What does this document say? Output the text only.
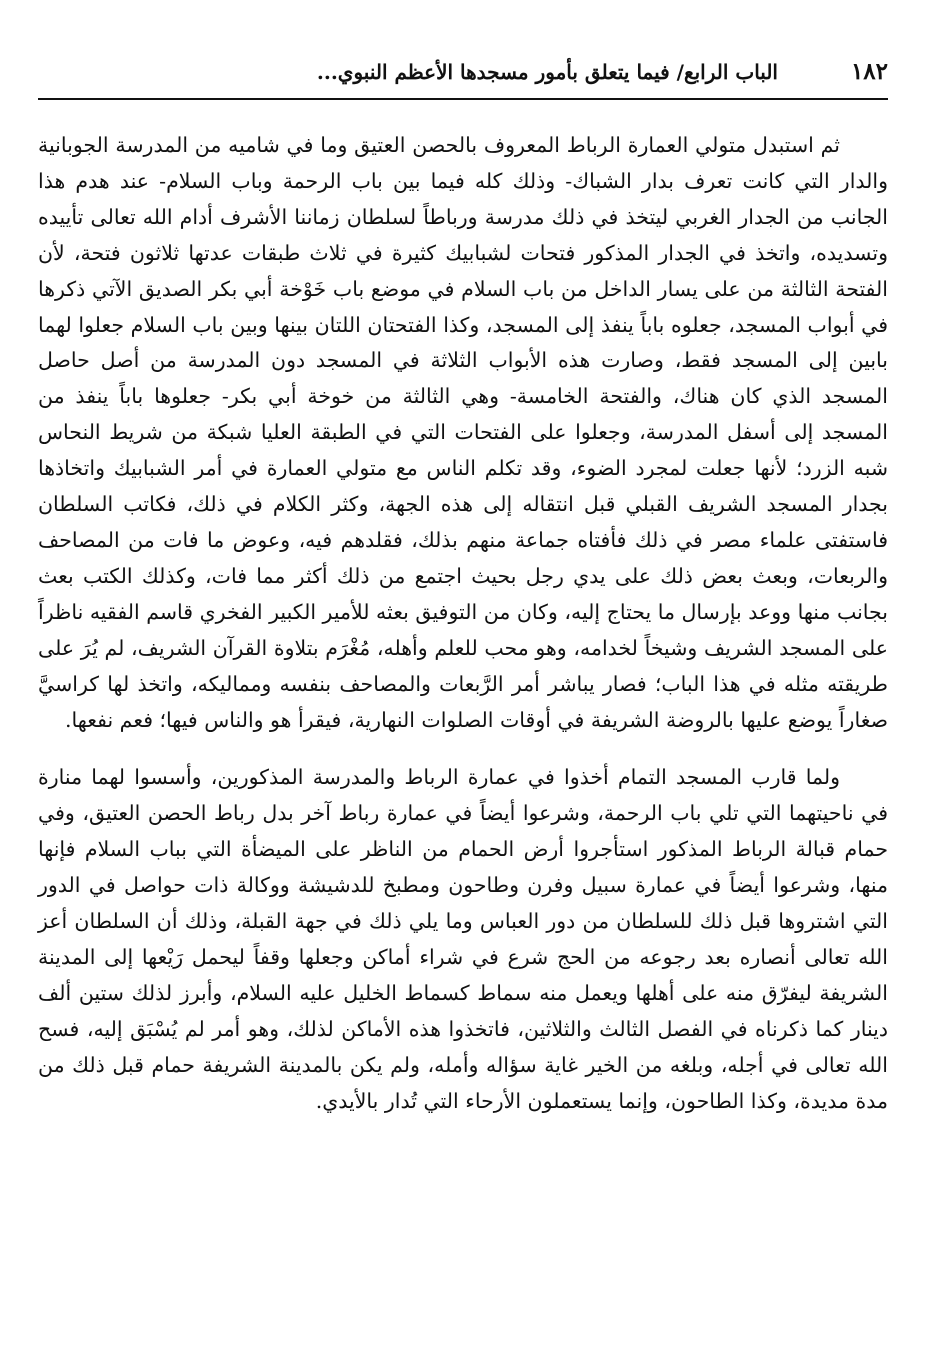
١٨٢
الباب الرابع/ فيما يتعلق بأمور مسجدها الأعظم النبوي...

ثم استبدل متولي العمارة الرباط المعروف بالحصن العتيق وما في شاميه من المدرسة الجوبانية والدار التي كانت تعرف بدار الشباك- وذلك كله فيما بين باب الرحمة وباب السلام- عند هدم هذا الجانب من الجدار الغربي ليتخذ في ذلك مدرسة ورباطاً لسلطان زماننا الأشرف أدام الله تعالى تأييده وتسديده، واتخذ في الجدار المذكور فتحات لشبابيك كثيرة في ثلاث طبقات عدتها ثلاثون فتحة، لأن الفتحة الثالثة من على يسار الداخل من باب السلام في موضع باب خَوْخة أبي بكر الصديق الآتي ذكرها في أبواب المسجد، جعلوه باباً ينفذ إلى المسجد، وكذا الفتحتان اللتان بينها وبين باب السلام جعلوا لهما بابين إلى المسجد فقط، وصارت هذه الأبواب الثلاثة في المسجد دون المدرسة من أصل حاصل المسجد الذي كان هناك، والفتحة الخامسة- وهي الثالثة من خوخة أبي بكر- جعلوها باباً ينفذ من المسجد إلى أسفل المدرسة، وجعلوا على الفتحات التي في الطبقة العليا شبكة من شريط النحاس شبه الزرد؛ لأنها جعلت لمجرد الضوء، وقد تكلم الناس مع متولي العمارة في أمر الشبابيك واتخاذها بجدار المسجد الشريف القبلي قبل انتقاله إلى هذه الجهة، وكثر الكلام في ذلك، فكاتب السلطان فاستفتى علماء مصر في ذلك فأفتاه جماعة منهم بذلك، فقلدهم فيه، وعوض ما فات من المصاحف والربعات، وبعث بعض ذلك على يدي رجل بحيث اجتمع من ذلك أكثر مما فات، وكذلك الكتب بعث بجانب منها ووعد بإرسال ما يحتاج إليه، وكان من التوفيق بعثه للأمير الكبير الفخري قاسم الفقيه ناظراً على المسجد الشريف وشيخاً لخدامه، وهو محب للعلم وأهله، مُغْرَم بتلاوة القرآن الشريف، لم يُرَ على طريقته مثله في هذا الباب؛ فصار يباشر أمر الرَّبعات والمصاحف بنفسه ومماليكه، واتخذ لها كراسيَّ صغاراً يوضع عليها بالروضة الشريفة في أوقات الصلوات النهارية، فيقرأ هو والناس فيها؛ فعم نفعها.

ولما قارب المسجد التمام أخذوا في عمارة الرباط والمدرسة المذكورين، وأسسوا لهما منارة في ناحيتهما التي تلي باب الرحمة، وشرعوا أيضاً في عمارة رباط آخر بدل رباط الحصن العتيق، وفي حمام قبالة الرباط المذكور استأجروا أرض الحمام من الناظر على الميضأة التي بباب السلام فإنها منها، وشرعوا أيضاً في عمارة سبيل وفرن وطاحون ومطبخ للدشيشة ووكالة ذات حواصل في الدور التي اشتروها قبل ذلك للسلطان من دور العباس وما يلي ذلك في جهة القبلة، وذلك أن السلطان أعز الله تعالى أنصاره بعد رجوعه من الحج شرع في شراء أماكن وجعلها وقفاً ليحمل رَيْعها إلى المدينة الشريفة ليفرّق منه على أهلها ويعمل منه سماط كسماط الخليل عليه السلام، وأبرز لذلك ستين ألف دينار كما ذكرناه في الفصل الثالث والثلاثين، فاتخذوا هذه الأماكن لذلك، وهو أمر لم يُسْبَق إليه، فسح الله تعالى في أجله، وبلغه من الخير غاية سؤاله وأمله، ولم يكن بالمدينة الشريفة حمام قبل ذلك من مدة مديدة، وكذا الطاحون، وإنما يستعملون الأرحاء التي تُدار بالأيدي.
